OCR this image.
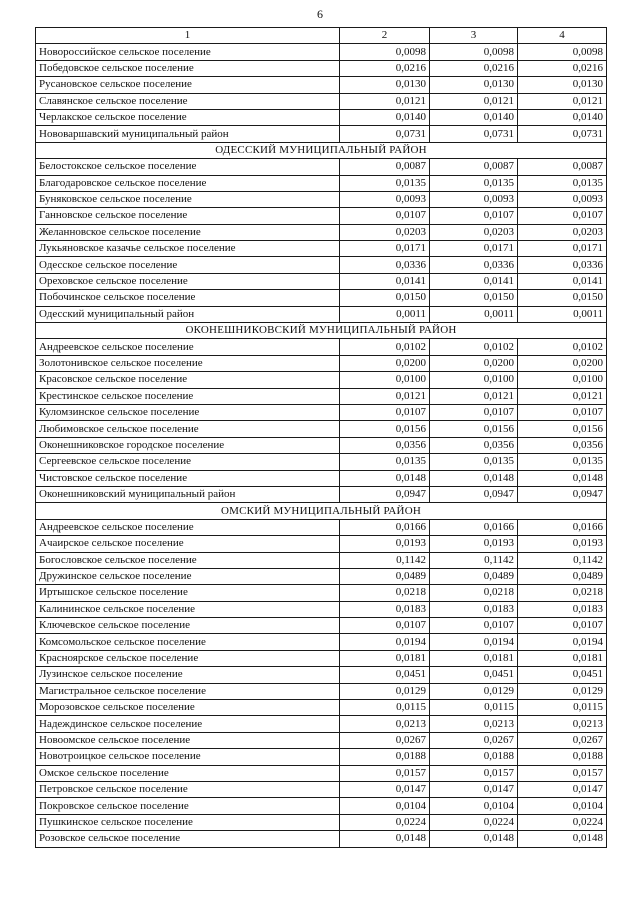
6
1	2	3	4
Новороссийское сельское поселение	0,0098	0,0098	0,0098
Победовское сельское поселение	0,0216	0,0216	0,0216
Русановское сельское поселение	0,0130	0,0130	0,0130
Славянское сельское поселение	0,0121	0,0121	0,0121
Черлакское сельское поселение	0,0140	0,0140	0,0140
Нововаршавский муниципальный район	0,0731	0,0731	0,0731
ОДЕССКИЙ МУНИЦИПАЛЬНЫЙ РАЙОН			
Белостокское сельское поселение	0,0087	0,0087	0,0087
Благодаровское сельское поселение	0,0135	0,0135	0,0135
Буняковское сельское поселение	0,0093	0,0093	0,0093
Ганновское сельское поселение	0,0107	0,0107	0,0107
Желанновское сельское поселение	0,0203	0,0203	0,0203
Лукьяновское казачье сельское поселение	0,0171	0,0171	0,0171
Одесское сельское поселение	0,0336	0,0336	0,0336
Ореховское сельское поселение	0,0141	0,0141	0,0141
Побочинское сельское поселение	0,0150	0,0150	0,0150
Одесский муниципальный район	0,0011	0,0011	0,0011
ОКОНЕШНИКОВСКИЙ МУНИЦИПАЛЬНЫЙ РАЙОН			
Андреевское сельское поселение	0,0102	0,0102	0,0102
Золотонивское сельское поселение	0,0200	0,0200	0,0200
Красовское сельское поселение	0,0100	0,0100	0,0100
Крестинское сельское поселение	0,0121	0,0121	0,0121
Куломзинское сельское поселение	0,0107	0,0107	0,0107
Любимовское сельское поселение	0,0156	0,0156	0,0156
Оконешниковское городское поселение	0,0356	0,0356	0,0356
Сергеевское сельское поселение	0,0135	0,0135	0,0135
Чистовское сельское поселение	0,0148	0,0148	0,0148
Оконешниковский муниципальный район	0,0947	0,0947	0,0947
ОМСКИЙ МУНИЦИПАЛЬНЫЙ РАЙОН			
Андреевское сельское поселение	0,0166	0,0166	0,0166
Ачаирское сельское поселение	0,0193	0,0193	0,0193
Богословское сельское поселение	0,1142	0,1142	0,1142
Дружинское сельское поселение	0,0489	0,0489	0,0489
Иртышское сельское поселение	0,0218	0,0218	0,0218
Калининское сельское поселение	0,0183	0,0183	0,0183
Ключевское сельское поселение	0,0107	0,0107	0,0107
Комсомольское сельское поселение	0,0194	0,0194	0,0194
Красноярское сельское поселение	0,0181	0,0181	0,0181
Лузинское сельское поселение	0,0451	0,0451	0,0451
Магистральное сельское поселение	0,0129	0,0129	0,0129
Морозовское сельское поселение	0,0115	0,0115	0,0115
Надеждинское сельское поселение	0,0213	0,0213	0,0213
Новоомское сельское поселение	0,0267	0,0267	0,0267
Новотроицкое сельское поселение	0,0188	0,0188	0,0188
Омское сельское поселение	0,0157	0,0157	0,0157
Петровское сельское поселение	0,0147	0,0147	0,0147
Покровское сельское поселение	0,0104	0,0104	0,0104
Пушкинское сельское поселение	0,0224	0,0224	0,0224
Розовское сельское поселение	0,0148	0,0148	0,0148
